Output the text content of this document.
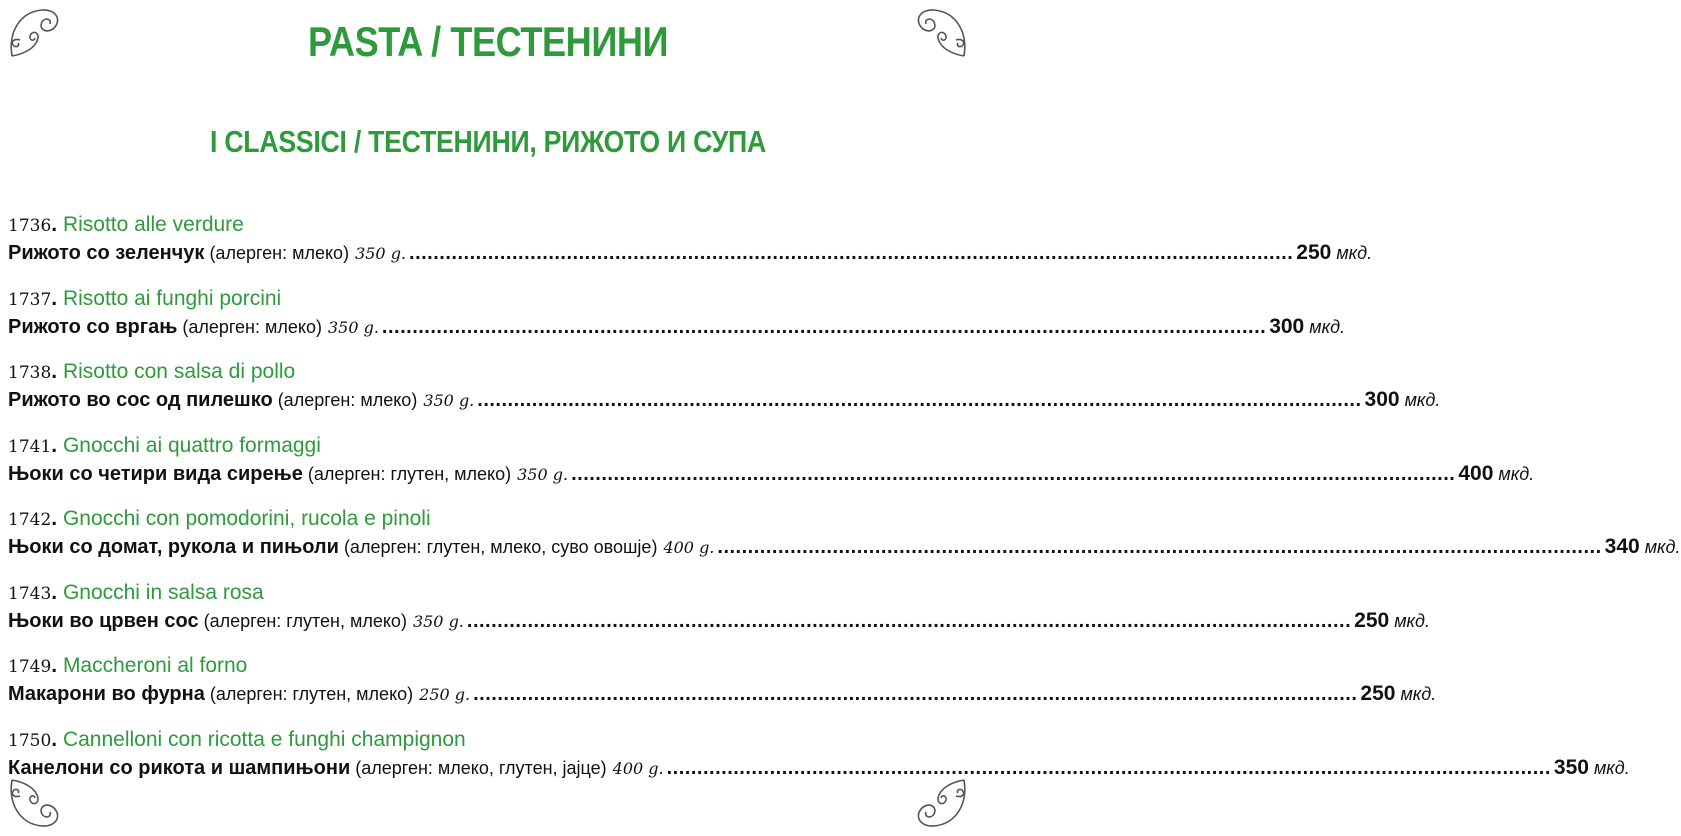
PASTA / ТЕСТЕНИНИ
I CLASSICI / ТЕСТЕНИНИ, РИЖОТО И СУПА
1736. Risotto alle verdure
Рижото со зеленчук (алерген: млеко) 350 g. .................................................................................................................................................. 250 мкд.
1737. Risotto ai funghi porcini
Рижото со вргањ (алерген: млеко) 350 g. .................................................................................................................................................. 300 мкд.
1738. Risotto con salsa di pollo
Рижото во сос од пилешко (алерген: млеко) 350 g. .................................................................................................................................................. 300 мкд.
1741. Gnocchi ai quattro formaggi
Њоки со четири вида сирење (алерген: глутен, млеко) 350 g. .................................................................................................................................................. 400 мкд.
1742. Gnocchi con pomodorini, rucola e pinoli
Њоки со домат, рукола и пињоли (алерген: глутен, млеко, суво овошје) 400 g. .................................................................................................................................................. 340 мкд.
1743. Gnocchi in salsa rosa
Њоки во црвен сос (алерген: глутен, млеко) 350 g. .................................................................................................................................................. 250 мкд.
1749. Maccheroni al forno
Макарони во фурна (алерген: глутен, млеко) 250 g. .................................................................................................................................................. 250 мкд.
1750. Cannelloni con ricotta e funghi champignon
Канелони со рикота и шампињони (алерген: млеко, глутен, јајце) 400 g. .................................................................................................................................................. 350 мкд.
